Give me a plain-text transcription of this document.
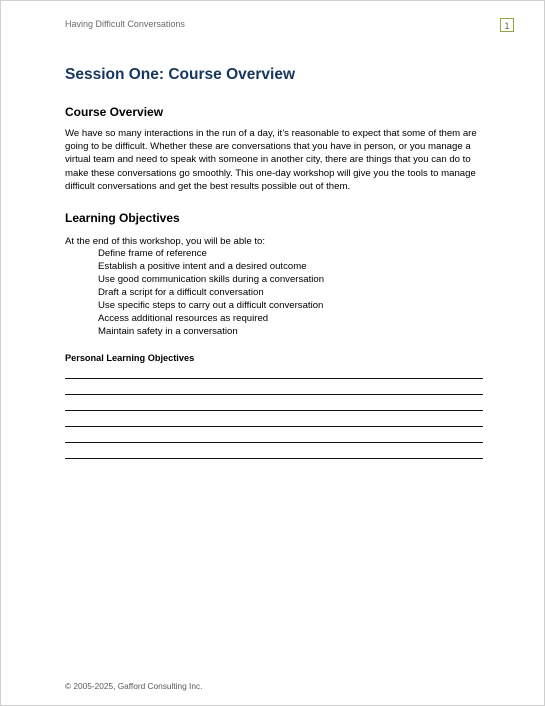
Having Difficult Conversations	1
Session One: Course Overview
Course Overview

We have so many interactions in the run of a day, it’s reasonable to expect that some of them are going to be difficult. Whether these are conversations that you have in person, or you manage a virtual team and need to speak with someone in another city, there are things that you can do to make these conversations go smoothly. This one-day workshop will give you the tools to manage difficult conversations and get the best results possible out of them.

Learning Objectives

At the end of this workshop, you will be able to:

Define frame of reference
Establish a positive intent and a desired outcome
Use good communication skills during a conversation
Draft a script for a difficult conversation
Use specific steps to carry out a difficult conversation
Access additional resources as required
Maintain safety in a conversation
Personal Learning Objectives
© 2005-2025, Gafford Consulting Inc.
